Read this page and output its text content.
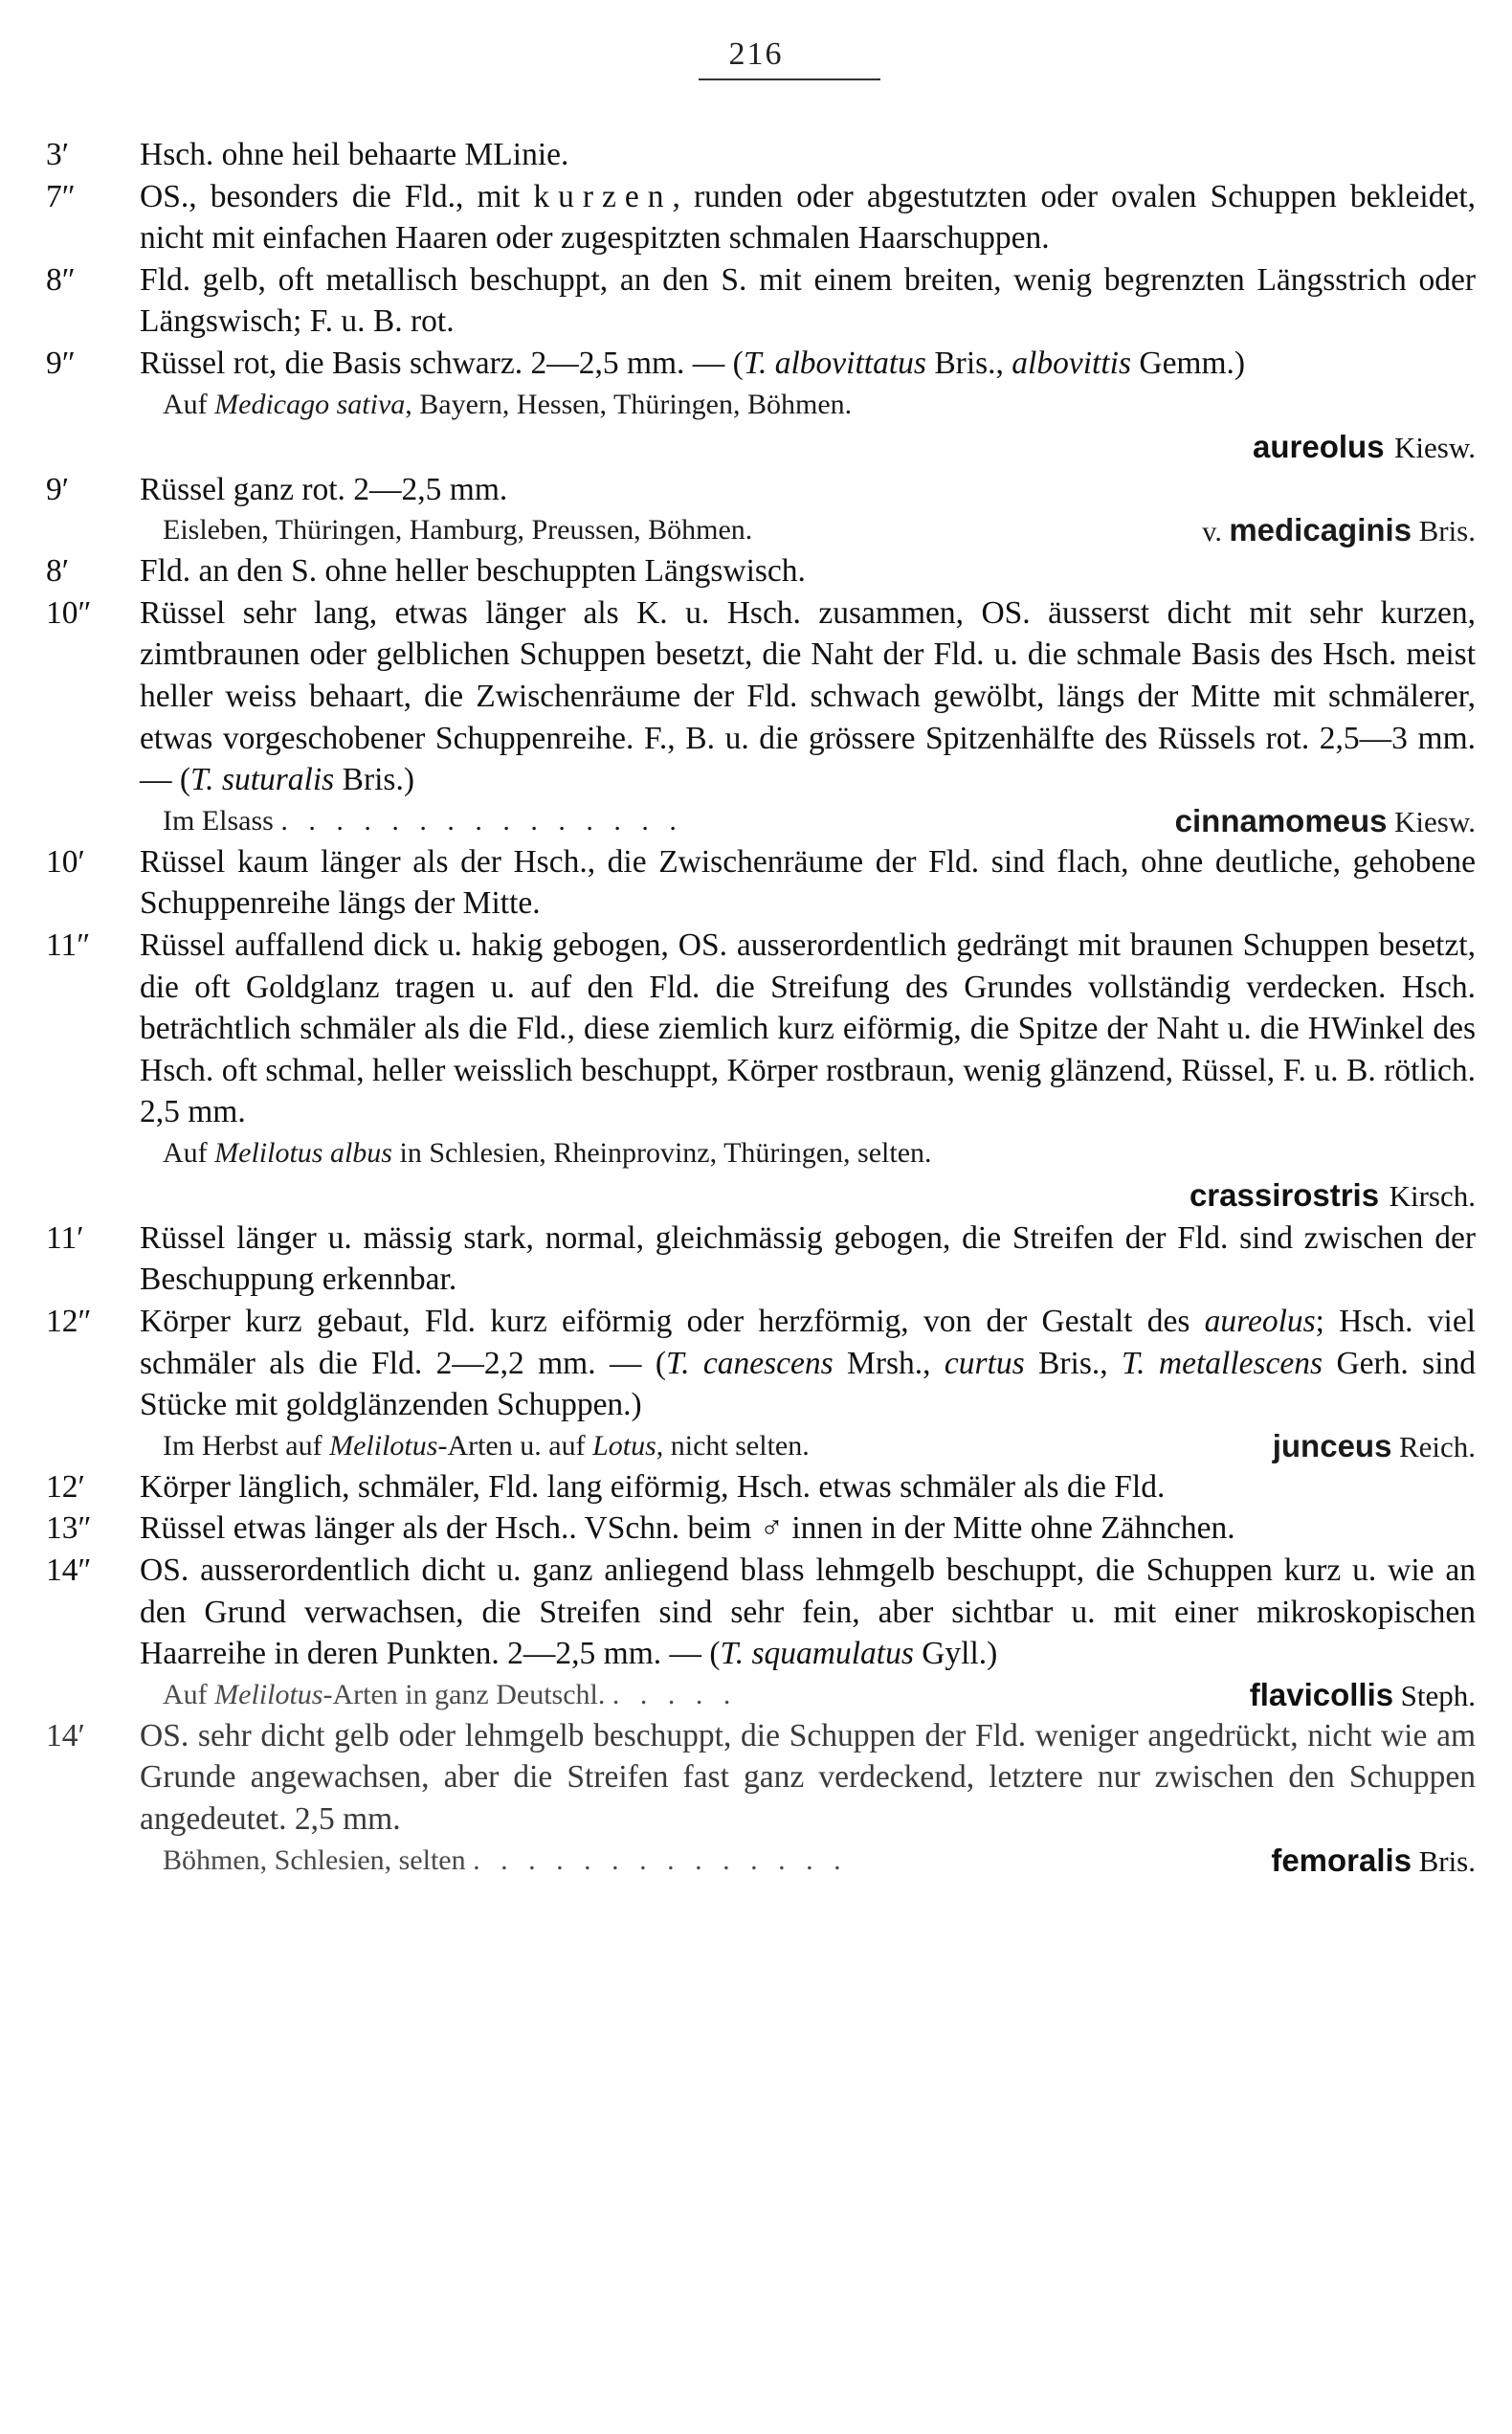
216
3′	Hsch. ohne heil behaarte MLinie.
7″	OS., besonders die Fld., mit kurzen, runden oder abgestutzten oder ovalen Schuppen bekleidet, nicht mit einfachen Haaren oder zugespitzten schmalen Haarschuppen.
8″	Fld. gelb, oft metallisch beschuppt, an den S. mit einem breiten, wenig begrenzten Längsstrich oder Längswisch; F. u. B. rot.
9″	Rüssel rot, die Basis schwarz. 2—2,5 mm. — (T. albovittatus Bris., albovittis Gemm.)
Auf Medicago sativa, Bayern, Hessen, Thüringen, Böhmen.
aureolus Kiesw.
9′	Rüssel ganz rot. 2—2,5 mm.
Eisleben, Thüringen, Hamburg, Preussen, Böhmen.	v. medicaginis Bris.
8′	Fld. an den S. ohne heller beschuppten Längswisch.
10″	Rüssel sehr lang, etwas länger als K. u. Hsch. zusammen, OS. äusserst dicht mit sehr kurzen, zimtbraunen oder gelblichen Schuppen besetzt, die Naht der Fld. u. die schmale Basis des Hsch. meist heller weiss behaart, die Zwischenräume der Fld. schwach gewölbt, längs der Mitte mit schmälerer, etwas vorgeschobener Schuppenreihe. F., B. u. die grössere Spitzenhälfte des Rüssels rot. 2,5—3 mm. — (T. suturalis Bris.)
Im Elsass . . . . . . . . . . . . . . .	cinnamomeus Kiesw.
10′	Rüssel kaum länger als der Hsch., die Zwischenräume der Fld. sind flach, ohne deutliche, gehobene Schuppenreihe längs der Mitte.
11″	Rüssel auffallend dick u. hakig gebogen, OS. ausserordentlich gedrängt mit braunen Schuppen besetzt, die oft Goldglanz tragen u. auf den Fld. die Streifung des Grundes vollständig verdecken. Hsch. beträchtlich schmäler als die Fld., diese ziemlich kurz eiförmig, die Spitze der Naht u. die HWinkel des Hsch. oft schmal, heller weisslich beschuppt, Körper rostbraun, wenig glänzend, Rüssel, F. u. B. rötlich. 2,5 mm.
Auf Melilotus albus in Schlesien, Rheinprovinz, Thüringen, selten.
crassirostris Kirsch.
11′	Rüssel länger u. mässig stark, normal, gleichmässig gebogen, die Streifen der Fld. sind zwischen der Beschuppung erkennbar.
12″	Körper kurz gebaut, Fld. kurz eiförmig oder herzförmig, von der Gestalt des aureolus; Hsch. viel schmäler als die Fld. 2—2,2 mm. — (T. canescens Mrsh., curtus Bris., T. metallescens Gerh. sind Stücke mit goldglänzenden Schuppen.)
Im Herbst auf Melilotus-Arten u. auf Lotus, nicht selten.	junceus Reich.
12′	Körper länglich, schmäler, Fld. lang eiförmig, Hsch. etwas schmäler als die Fld.
13″	Rüssel etwas länger als der Hsch.. VSchn. beim ♂ innen in der Mitte ohne Zähnchen.
14″	OS. ausserordentlich dicht u. ganz anliegend blass lehmgelb beschuppt, die Schuppen kurz u. wie an den Grund verwachsen, die Streifen sind sehr fein, aber sichtbar u. mit einer mikroskopischen Haarreihe in deren Punkten. 2—2,5 mm. — (T. squamulatus Gyll.)
Auf Melilotus-Arten in ganz Deutschl. . . . . .	flavicollis Steph.
14′	OS. sehr dicht gelb oder lehmgelb beschuppt, die Schuppen der Fld. weniger angedrückt, nicht wie am Grunde angewachsen, aber die Streifen fast ganz verdeckend, letztere nur zwischen den Schuppen angedeutet. 2,5 mm.
Böhmen, Schlesien, selten . . . . . . . . . . . . . .	femoralis Bris.
